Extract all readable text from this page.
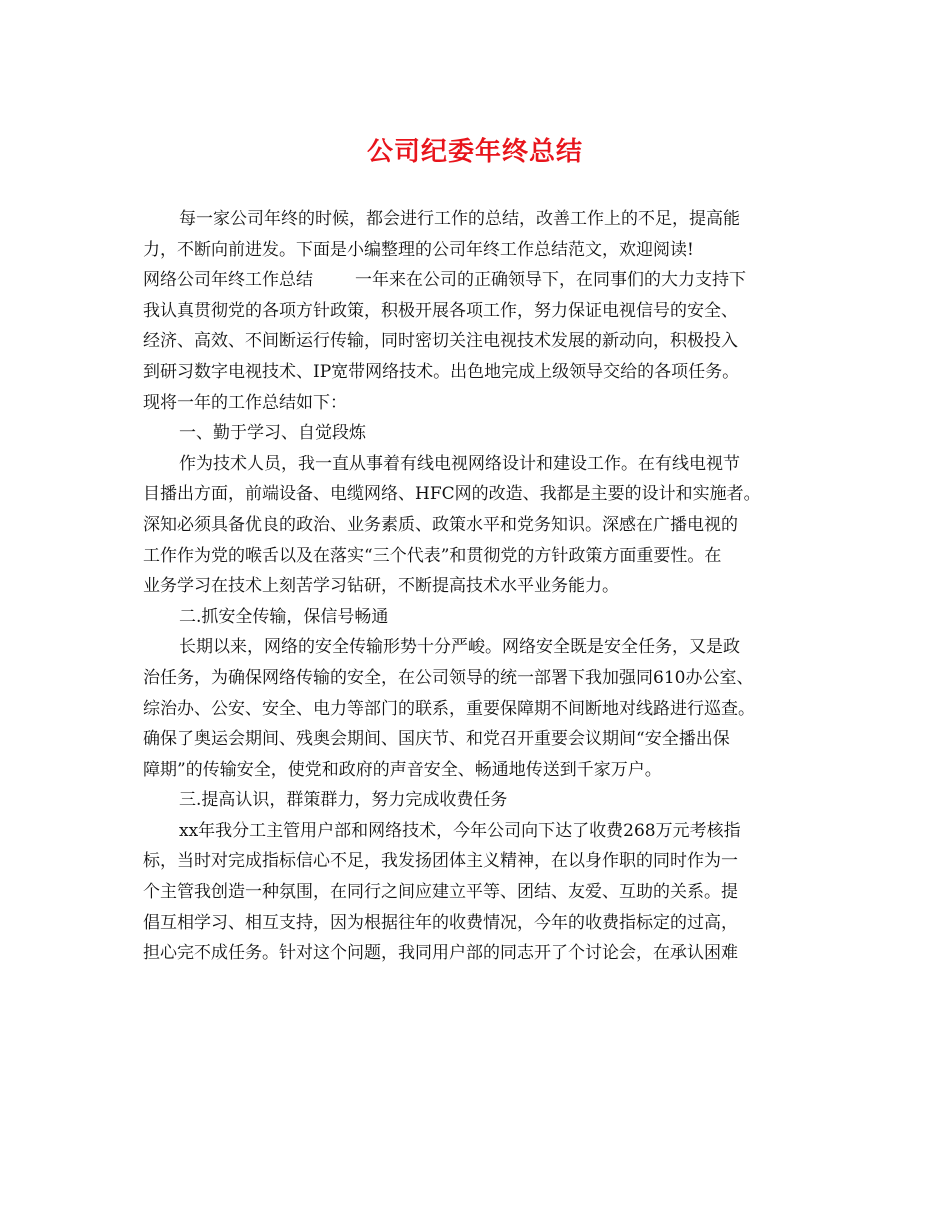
公司纪委年终总结
每一家公司年终的时候，都会进行工作的总结，改善工作上的不足，提高能
力，不断向前进发。下面是小编整理的公司年终工作总结范文，欢迎阅读!
网络公司年终工作总结 一年来在公司的正确领导下，在同事们的大力支持下
我认真贯彻党的各项方针政策，积极开展各项工作，努力保证电视信号的安全、
经济、高效、不间断运行传输，同时密切关注电视技术发展的新动向，积极投入
到研习数字电视技术、IP宽带网络技术。出色地完成上级领导交给的各项任务。
现将一年的工作总结如下：
一、勤于学习、自觉段炼
作为技术人员，我一直从事着有线电视网络设计和建设工作。在有线电视节
目播出方面，前端设备、电缆网络、HFC网的改造、我都是主要的设计和实施者。
深知必须具备优良的政治、业务素质、政策水平和党务知识。深感在广播电视的
工作作为党的喉舌以及在落实“三个代表”和贯彻党的方针政策方面重要性。在
业务学习在技术上刻苦学习钻研，不断提高技术水平业务能力。
二.抓安全传输，保信号畅通
长期以来，网络的安全传输形势十分严峻。网络安全既是安全任务，又是政
治任务，为确保网络传输的安全，在公司领导的统一部署下我加强同610办公室、
综治办、公安、安全、电力等部门的联系，重要保障期不间断地对线路进行巡查。
确保了奥运会期间、残奥会期间、国庆节、和党召开重要会议期间“安全播出保
障期”的传输安全，使党和政府的声音安全、畅通地传送到千家万户。
三.提高认识，群策群力，努力完成收费任务
xx年我分工主管用户部和网络技术，今年公司向下达了收费268万元考核指
标，当时对完成指标信心不足，我发扬团体主义精神，在以身作职的同时作为一
个主管我创造一种氛围，在同行之间应建立平等、团结、友爱、互助的关系。提
倡互相学习、相互支持，因为根据往年的收费情况，今年的收费指标定的过高，
担心完不成任务。针对这个问题，我同用户部的同志开了个讨论会，在承认困难
